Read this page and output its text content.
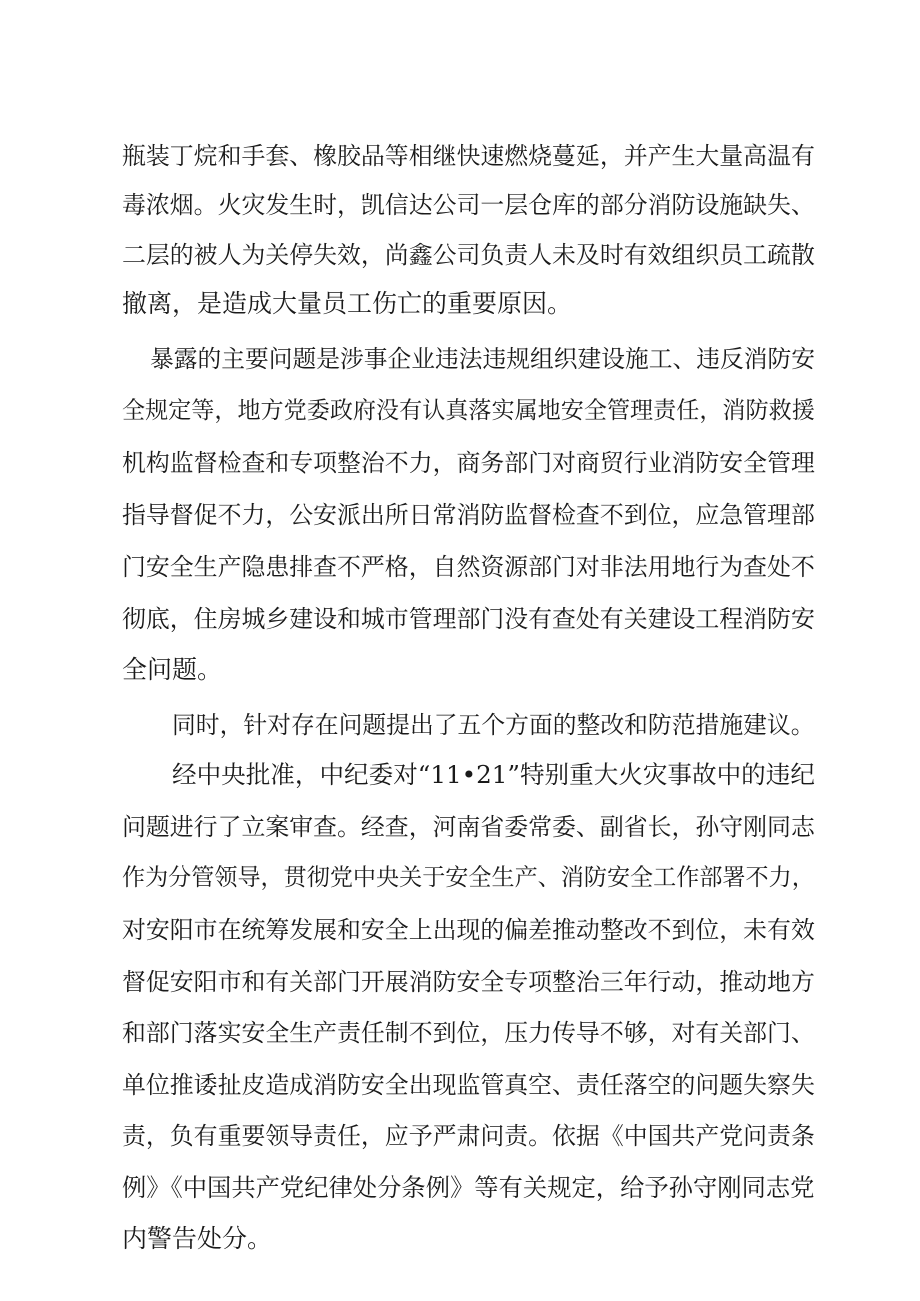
瓶装丁烷和手套、橡胶品等相继快速燃烧蔓延，并产生大量高温有
毒浓烟。火灾发生时，凯信达公司一层仓库的部分消防设施缺失、
二层的被人为关停失效，尚鑫公司负责人未及时有效组织员工疏散
撤离，是造成大量员工伤亡的重要原因。
暴露的主要问题是涉事企业违法违规组织建设施工、违反消防安
全规定等，地方党委政府没有认真落实属地安全管理责任，消防救援
机构监督检查和专项整治不力，商务部门对商贸行业消防安全管理
指导督促不力，公安派出所日常消防监督检查不到位，应急管理部
门安全生产隐患排查不严格，自然资源部门对非法用地行为查处不
彻底，住房城乡建设和城市管理部门没有查处有关建设工程消防安
全问题。
同时，针对存在问题提出了五个方面的整改和防范措施建议。
经中央批准，中纪委对“11•21”特别重大火灾事故中的违纪
问题进行了立案审查。经查，河南省委常委、副省长，孙守刚同志
作为分管领导，贯彻党中央关于安全生产、消防安全工作部署不力，
对安阳市在统筹发展和安全上出现的偏差推动整改不到位，未有效
督促安阳市和有关部门开展消防安全专项整治三年行动，推动地方
和部门落实安全生产责任制不到位，压力传导不够，对有关部门、
单位推诿扯皮造成消防安全出现监管真空、责任落空的问题失察失
责，负有重要领导责任，应予严肃问责。依据《中国共产党问责条
例》《中国共产党纪律处分条例》等有关规定，给予孙守刚同志党
内警告处分。
